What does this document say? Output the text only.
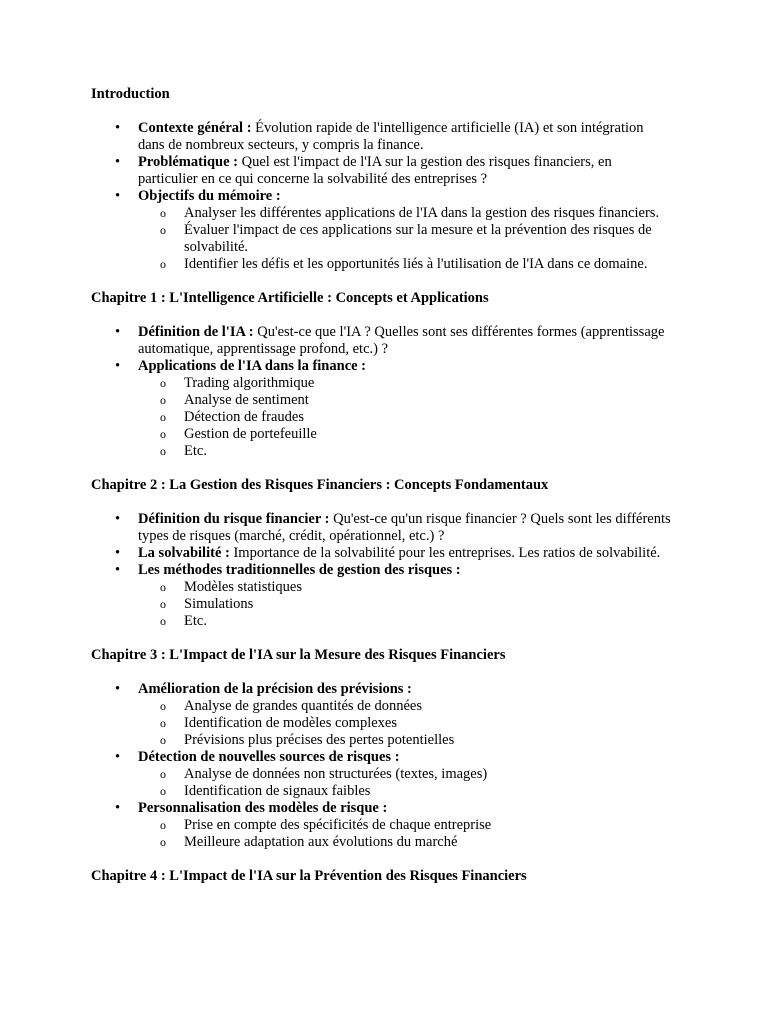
Introduction

• Contexte général : Évolution rapide de l'intelligence artificielle (IA) et son intégration dans de nombreux secteurs, y compris la finance.
• Problématique : Quel est l'impact de l'IA sur la gestion des risques financiers, en particulier en ce qui concerne la solvabilité des entreprises ?
• Objectifs du mémoire :
o Analyser les différentes applications de l'IA dans la gestion des risques financiers.
o Évaluer l'impact de ces applications sur la mesure et la prévention des risques de solvabilité.
o Identifier les défis et les opportunités liés à l'utilisation de l'IA dans ce domaine.

Chapitre 1 : L'Intelligence Artificielle : Concepts et Applications

• Définition de l'IA : Qu'est-ce que l'IA ? Quelles sont ses différentes formes (apprentissage automatique, apprentissage profond, etc.) ?
• Applications de l'IA dans la finance :
o Trading algorithmique
o Analyse de sentiment
o Détection de fraudes
o Gestion de portefeuille
o Etc.

Chapitre 2 : La Gestion des Risques Financiers : Concepts Fondamentaux

• Définition du risque financier : Qu'est-ce qu'un risque financier ? Quels sont les différents types de risques (marché, crédit, opérationnel, etc.) ?
• La solvabilité : Importance de la solvabilité pour les entreprises. Les ratios de solvabilité.
• Les méthodes traditionnelles de gestion des risques :
o Modèles statistiques
o Simulations
o Etc.

Chapitre 3 : L'Impact de l'IA sur la Mesure des Risques Financiers

• Amélioration de la précision des prévisions :
o Analyse de grandes quantités de données
o Identification de modèles complexes
o Prévisions plus précises des pertes potentielles
• Détection de nouvelles sources de risques :
o Analyse de données non structurées (textes, images)
o Identification de signaux faibles
• Personnalisation des modèles de risque :
o Prise en compte des spécificités de chaque entreprise
o Meilleure adaptation aux évolutions du marché

Chapitre 4 : L'Impact de l'IA sur la Prévention des Risques Financiers
